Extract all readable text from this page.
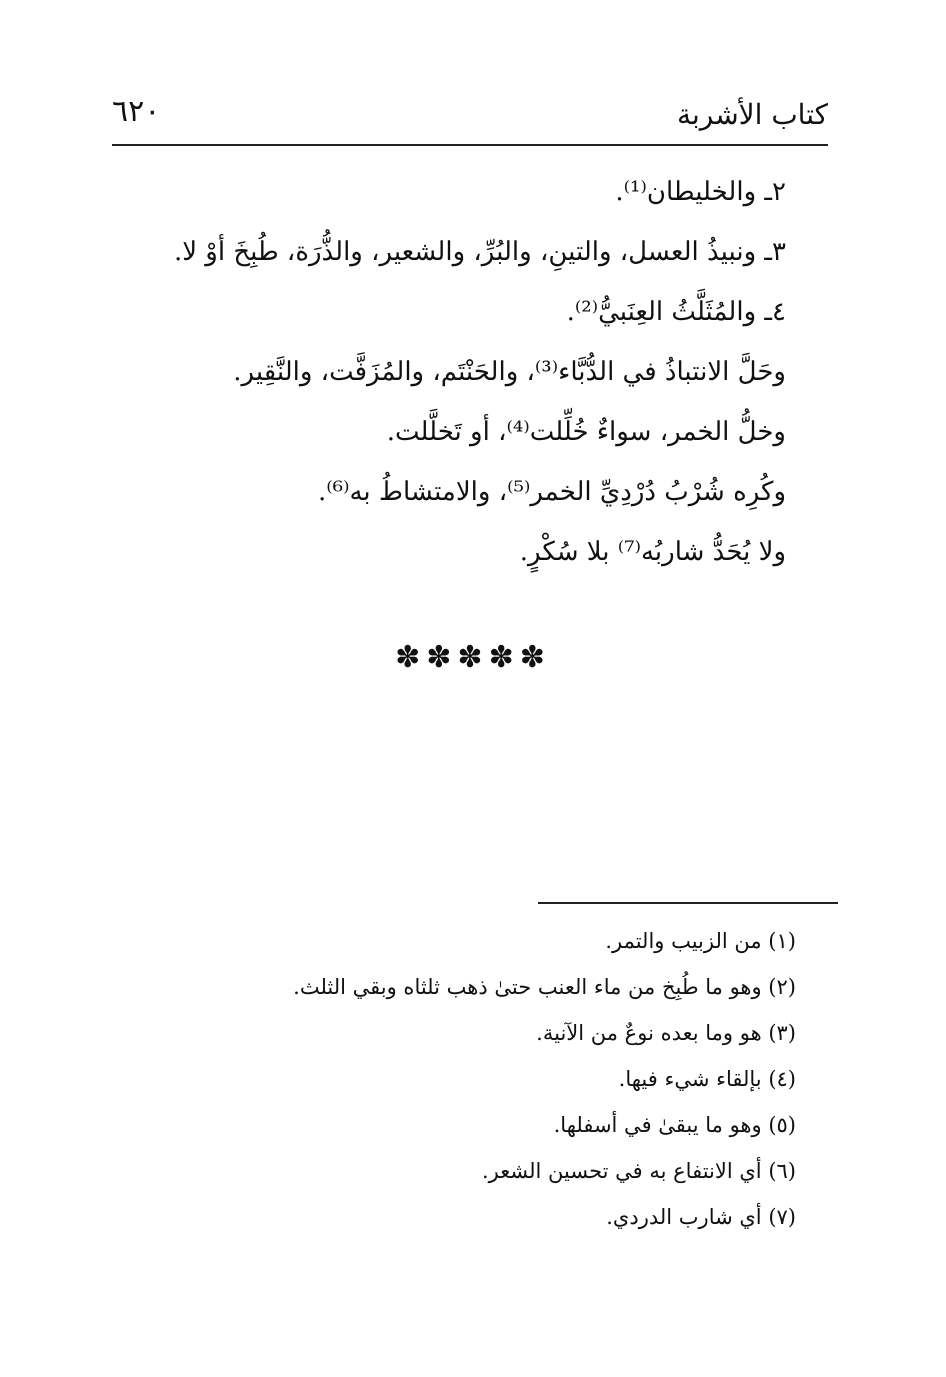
٦٢٠	كتاب الأشربة
٢ـ والخليطان⁽¹⁾.
٣ـ ونبيذُ العسل، والتينِ، والبُرِّ، والشعير، والذُّرَة، طُبِخَ أوْ لا.
٤ـ والمُثَلَّثُ العِنَبيُّ⁽²⁾.
وحَلَّ الانتباذُ في الدُّبَّاء⁽³⁾، والحَنْتَم، والمُزَفَّت، والنَّقِير.
وخلُّ الخمر، سواءٌ خُلِّلت⁽⁴⁾، أو تَخلَّلت.
وكُرِه شُرْبُ دُرْدِيِّ الخمر⁽⁵⁾، والامتشاطُ به⁽⁶⁾.
ولا يُحَدُّ شاربُه⁽⁷⁾ بلا سُكْرٍ.
✽✽✽✽✽
(١) من الزبيب والتمر.
(٢) وهو ما طُبِخ من ماء العنب حتىٰ ذهب ثلثاه وبقي الثلث.
(٣) هو وما بعده نوعٌ من الآنية.
(٤) بإلقاء شيء فيها.
(٥) وهو ما يبقىٰ في أسفلها.
(٦) أي الانتفاع به في تحسين الشعر.
(٧) أي شارب الدردي.
